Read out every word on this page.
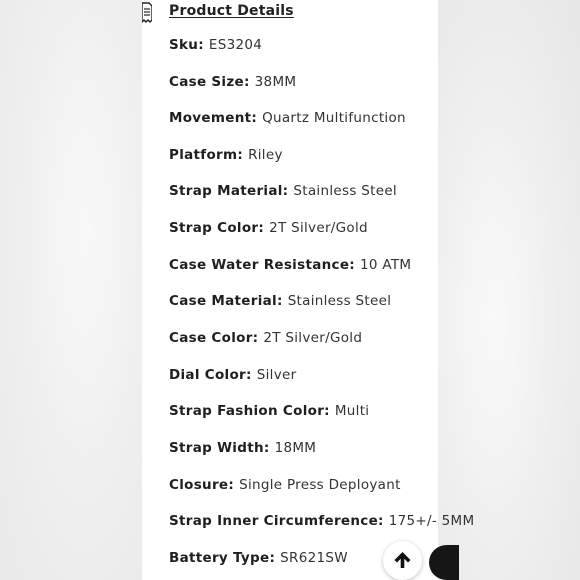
Product Details
Sku: ES3204
Case Size: 38MM
Movement: Quartz Multifunction
Platform: Riley
Strap Material: Stainless Steel
Strap Color: 2T Silver/Gold
Case Water Resistance: 10 ATM
Case Material: Stainless Steel
Case Color: 2T Silver/Gold
Dial Color: Silver
Strap Fashion Color: Multi
Strap Width: 18MM
Closure: Single Press Deployant
Strap Inner Circumference: 175+/- 5MM
Battery Type: SR621SW
